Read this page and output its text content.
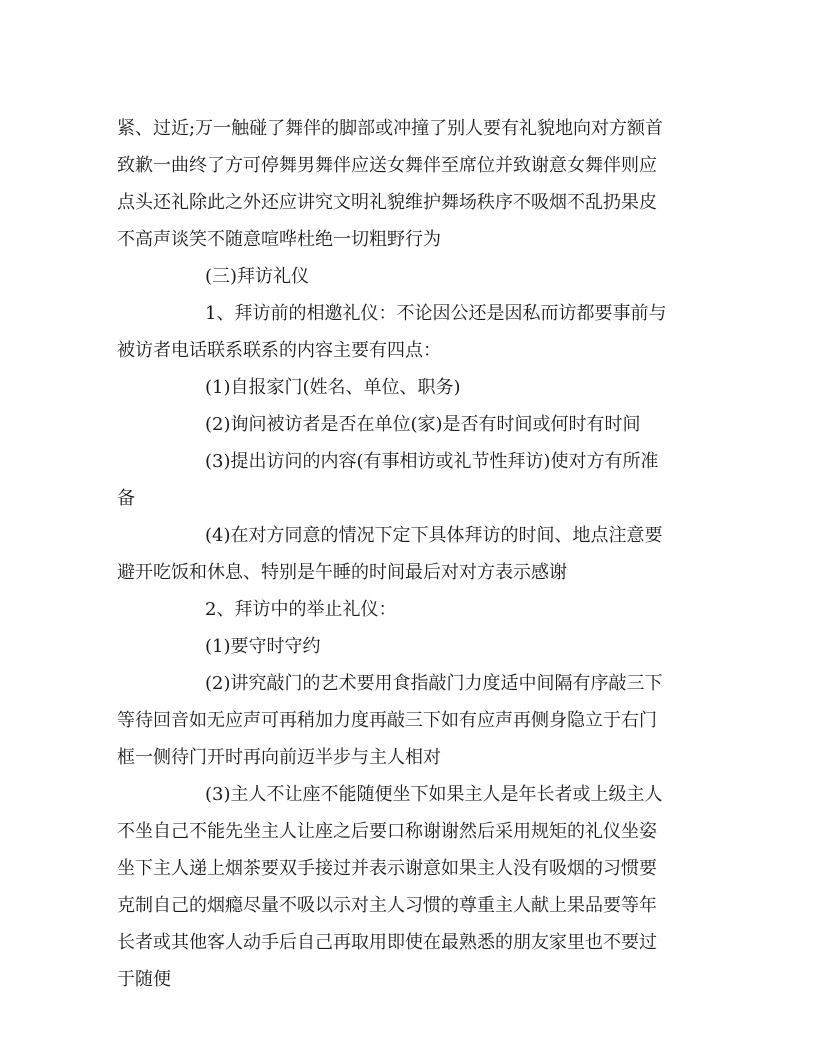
紧、过近;万一触碰了舞伴的脚部或冲撞了别人要有礼貌地向对方额首
致歉一曲终了方可停舞男舞伴应送女舞伴至席位并致谢意女舞伴则应
点头还礼除此之外还应讲究文明礼貌维护舞场秩序不吸烟不乱扔果皮
不高声谈笑不随意喧哗杜绝一切粗野行为
(三)拜访礼仪
1、拜访前的相邀礼仪：不论因公还是因私而访都要事前与
被访者电话联系联系的内容主要有四点：
(1)自报家门(姓名、单位、职务)
(2)询问被访者是否在单位(家)是否有时间或何时有时间
(3)提出访问的内容(有事相访或礼节性拜访)使对方有所准
备
(4)在对方同意的情况下定下具体拜访的时间、地点注意要
避开吃饭和休息、特别是午睡的时间最后对对方表示感谢
2、拜访中的举止礼仪：
(1)要守时守约
(2)讲究敲门的艺术要用食指敲门力度适中间隔有序敲三下
等待回音如无应声可再稍加力度再敲三下如有应声再侧身隐立于右门
框一侧待门开时再向前迈半步与主人相对
(3)主人不让座不能随便坐下如果主人是年长者或上级主人
不坐自己不能先坐主人让座之后要口称谢谢然后采用规矩的礼仪坐姿
坐下主人递上烟茶要双手接过并表示谢意如果主人没有吸烟的习惯要
克制自己的烟瘾尽量不吸以示对主人习惯的尊重主人献上果品要等年
长者或其他客人动手后自己再取用即使在最熟悉的朋友家里也不要过
于随便
